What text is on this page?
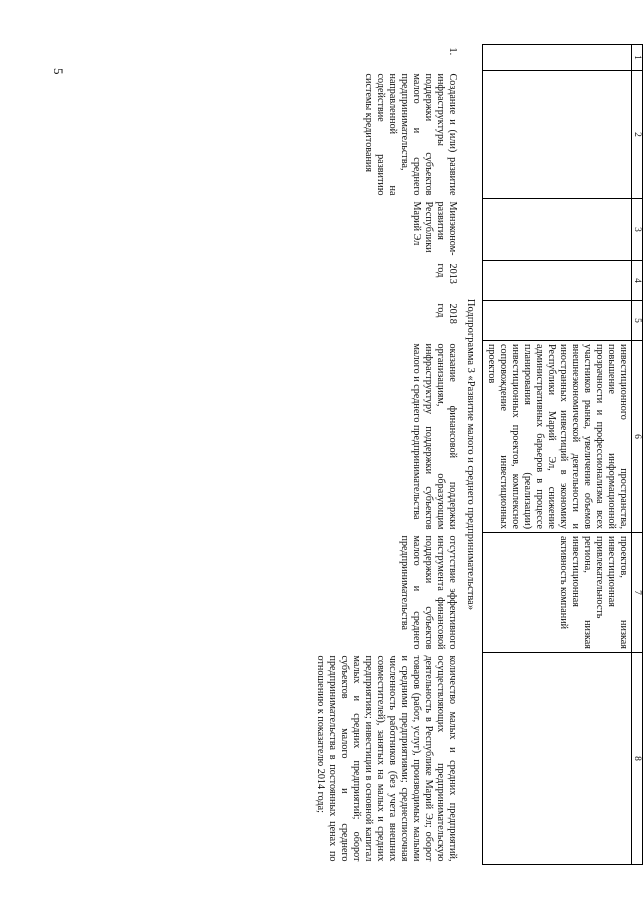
5
1	2	3	4	5	6	7	8
					инвестиционного пространства, повышение информационной прозрачности и профессионализма всех участников рынка, увеличение объемов внешнеэкономической деятельности и иностранных инвестиций в экономику Республики Марий Эл, снижение административных барьеров в процессе планирования (реализации) инвестиционных проектов, комплексное сопровождение инвестиционных проектов	проектов, низкая инвестиционная привлекательность региона, низкая инвестиционная активность компаний	
Подпрограмма 3 «Развитие малого и среднего предпринимательства»							
1.	Создание и (или) развитие инфраструктуры поддержки субъектов малого и среднего предпринимательства, направленной на содействие развитию системы кредитования	Минэконом-развития Республики Марий Эл	2013 год	2018 год	оказание финансовой поддержки организациям, образующим инфраструктуру поддержки субъектов малого и среднего предпринимательства	отсутствие эффективного инструмента финансовой поддержки субъектов малого и среднего предпринимательства	количество малых и средних предприятий, осуществляющих предпринимательскую деятельность в Республике Марий Эл; оборот товаров (работ, услуг), производимых малыми и средними предприятиями; среднесписочная численность работников (без учета внешних совместителей), занятых на малых и средних предприятиях; инвестиции в основной капитал малых и средних предприятий; оборот субъектов малого и среднего предпринимательства в постоянных ценах по отношению к показателю 2014 года;
